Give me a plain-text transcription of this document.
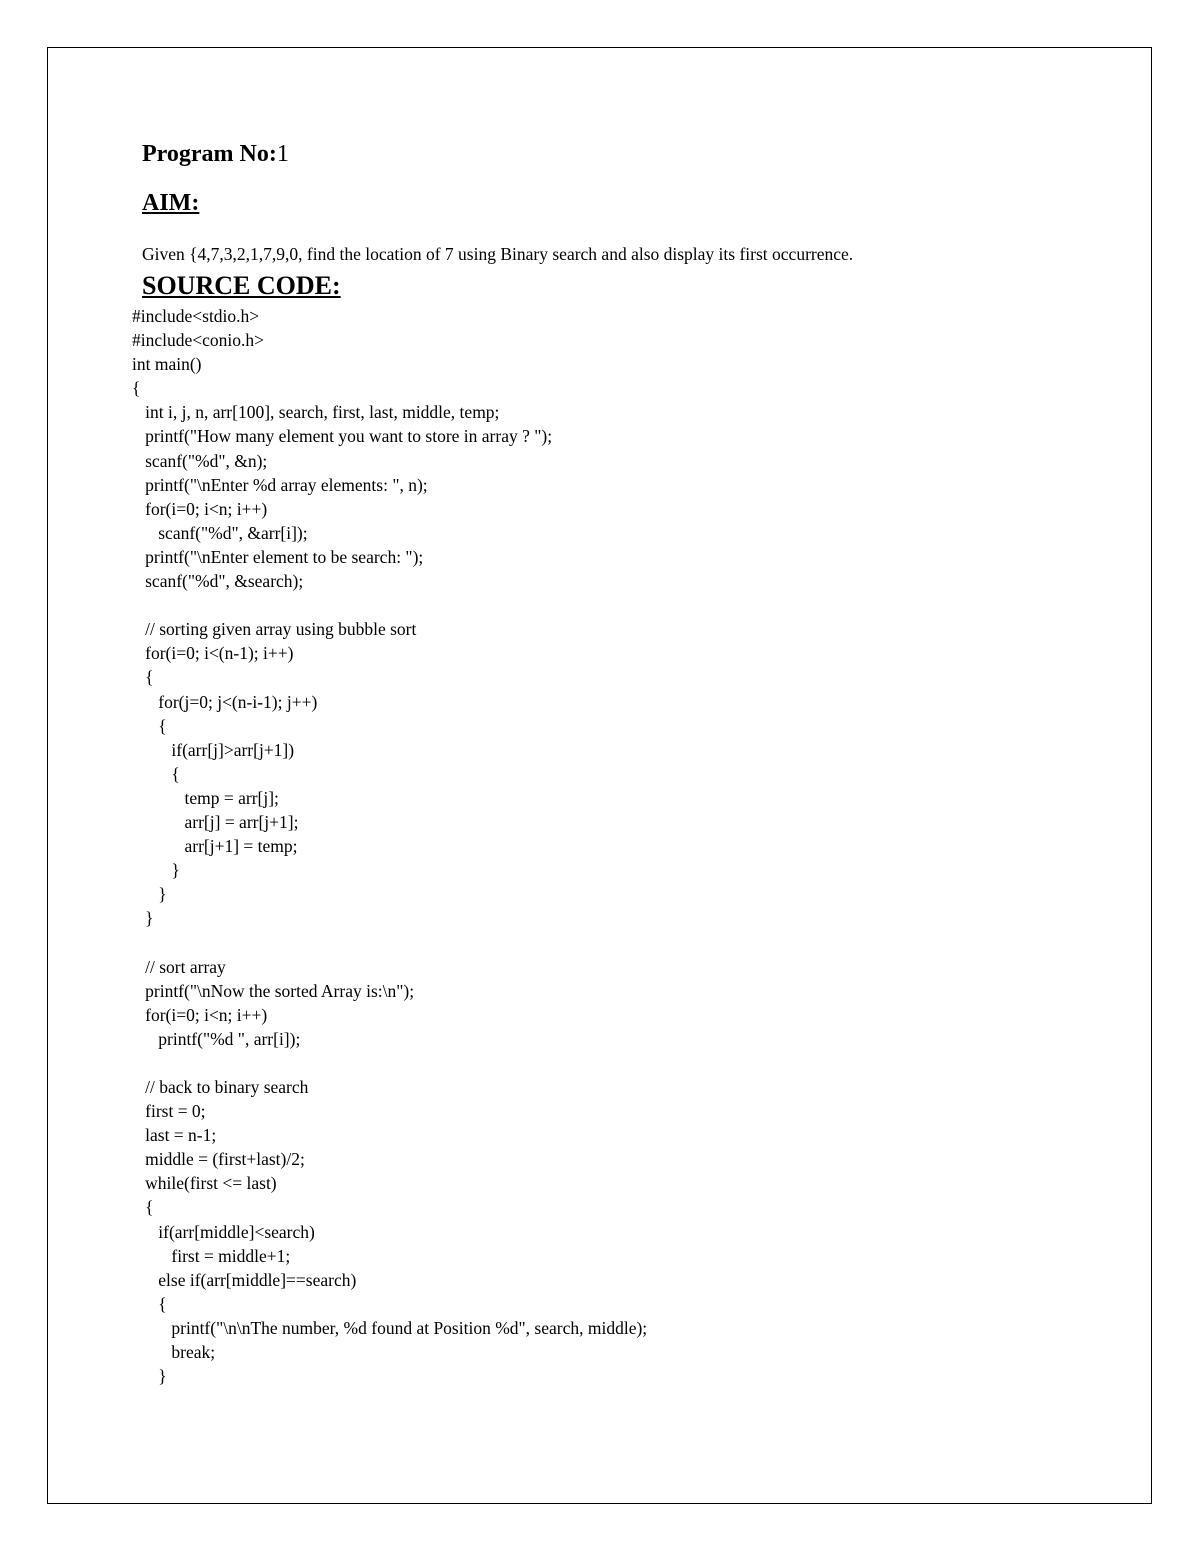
Program No:1
AIM:
Given {4,7,3,2,1,7,9,0, find the location of 7 using Binary search and also display its first occurrence.
SOURCE CODE:
#include<stdio.h>
#include<conio.h>
int main()
{
int i, j, n, arr[100], search, first, last, middle, temp;
printf("How many element you want to store in array ? ");
scanf("%d", &n);
printf("\nEnter %d array elements: ", n);
for(i=0; i<n; i++)
scanf("%d", &arr[i]);
printf("\nEnter element to be search: ");
scanf("%d", &search);
// sorting given array using bubble sort
for(i=0; i<(n-1); i++)
{
for(j=0; j<(n-i-1); j++)
{
if(arr[j]>arr[j+1])
{
temp = arr[j];
arr[j] = arr[j+1];
arr[j+1] = temp;
}
}
}
// sort array
printf("\nNow the sorted Array is:\n");
for(i=0; i<n; i++)
printf("%d ", arr[i]);
// back to binary search
first = 0;
last = n-1;
middle = (first+last)/2;
while(first <= last)
{
if(arr[middle]<search)
first = middle+1;
else if(arr[middle]==search)
{
printf("\n\nThe number, %d found at Position %d", search, middle);
break;
}
